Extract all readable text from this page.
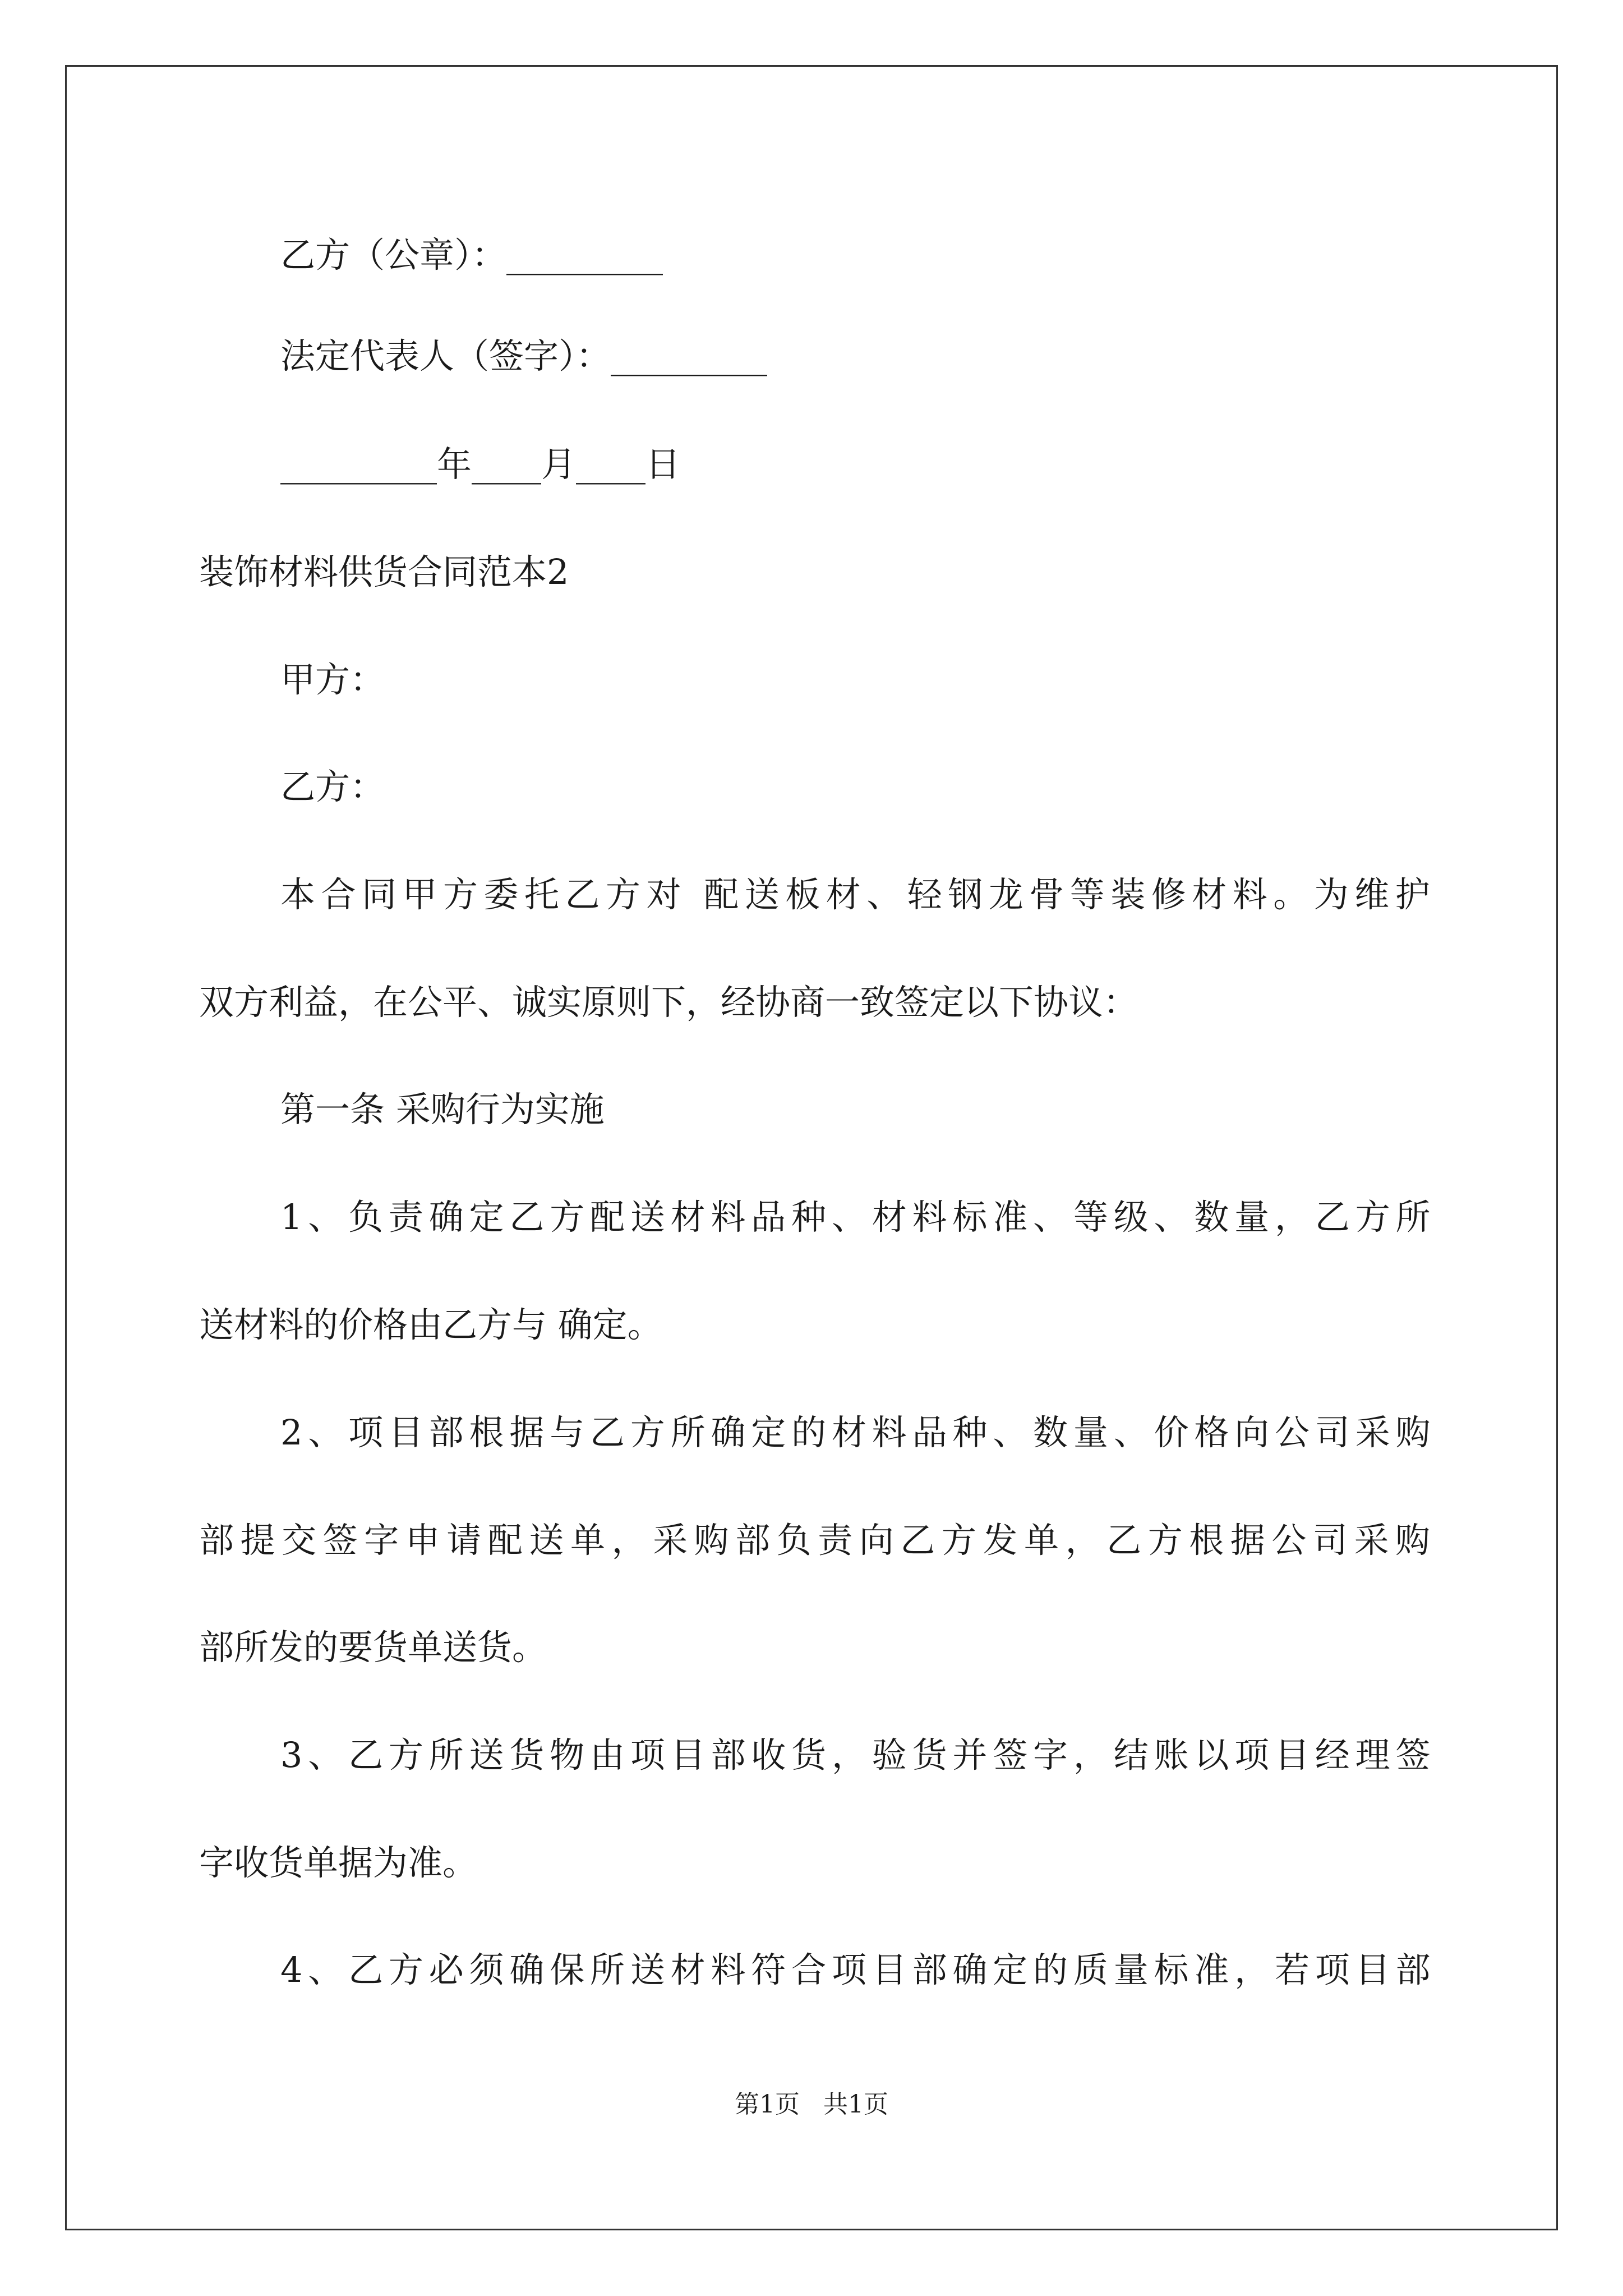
乙方（公章）：_________
法定代表人（签字）：_________
_________年____月____日
装饰材料供货合同范本2
甲方：
乙方：
本合同甲方委托乙方对 配送板材、轻钢龙骨等装修材料。为维护
双方利益，在公平、诚实原则下，经协商一致签定以下协议：
第一条 采购行为实施
1、负责确定乙方配送材料品种、材料标准、等级、数量，乙方所
送材料的价格由乙方与 确定。
2、项目部根据与乙方所确定的材料品种、数量、价格向公司采购
部提交签字申请配送单，采购部负责向乙方发单，乙方根据公司采购
部所发的要货单送货。
3、乙方所送货物由项目部收货，验货并签字，结账以项目经理签
字收货单据为准。
4、乙方必须确保所送材料符合项目部确定的质量标准，若项目部
第1页   共1页
